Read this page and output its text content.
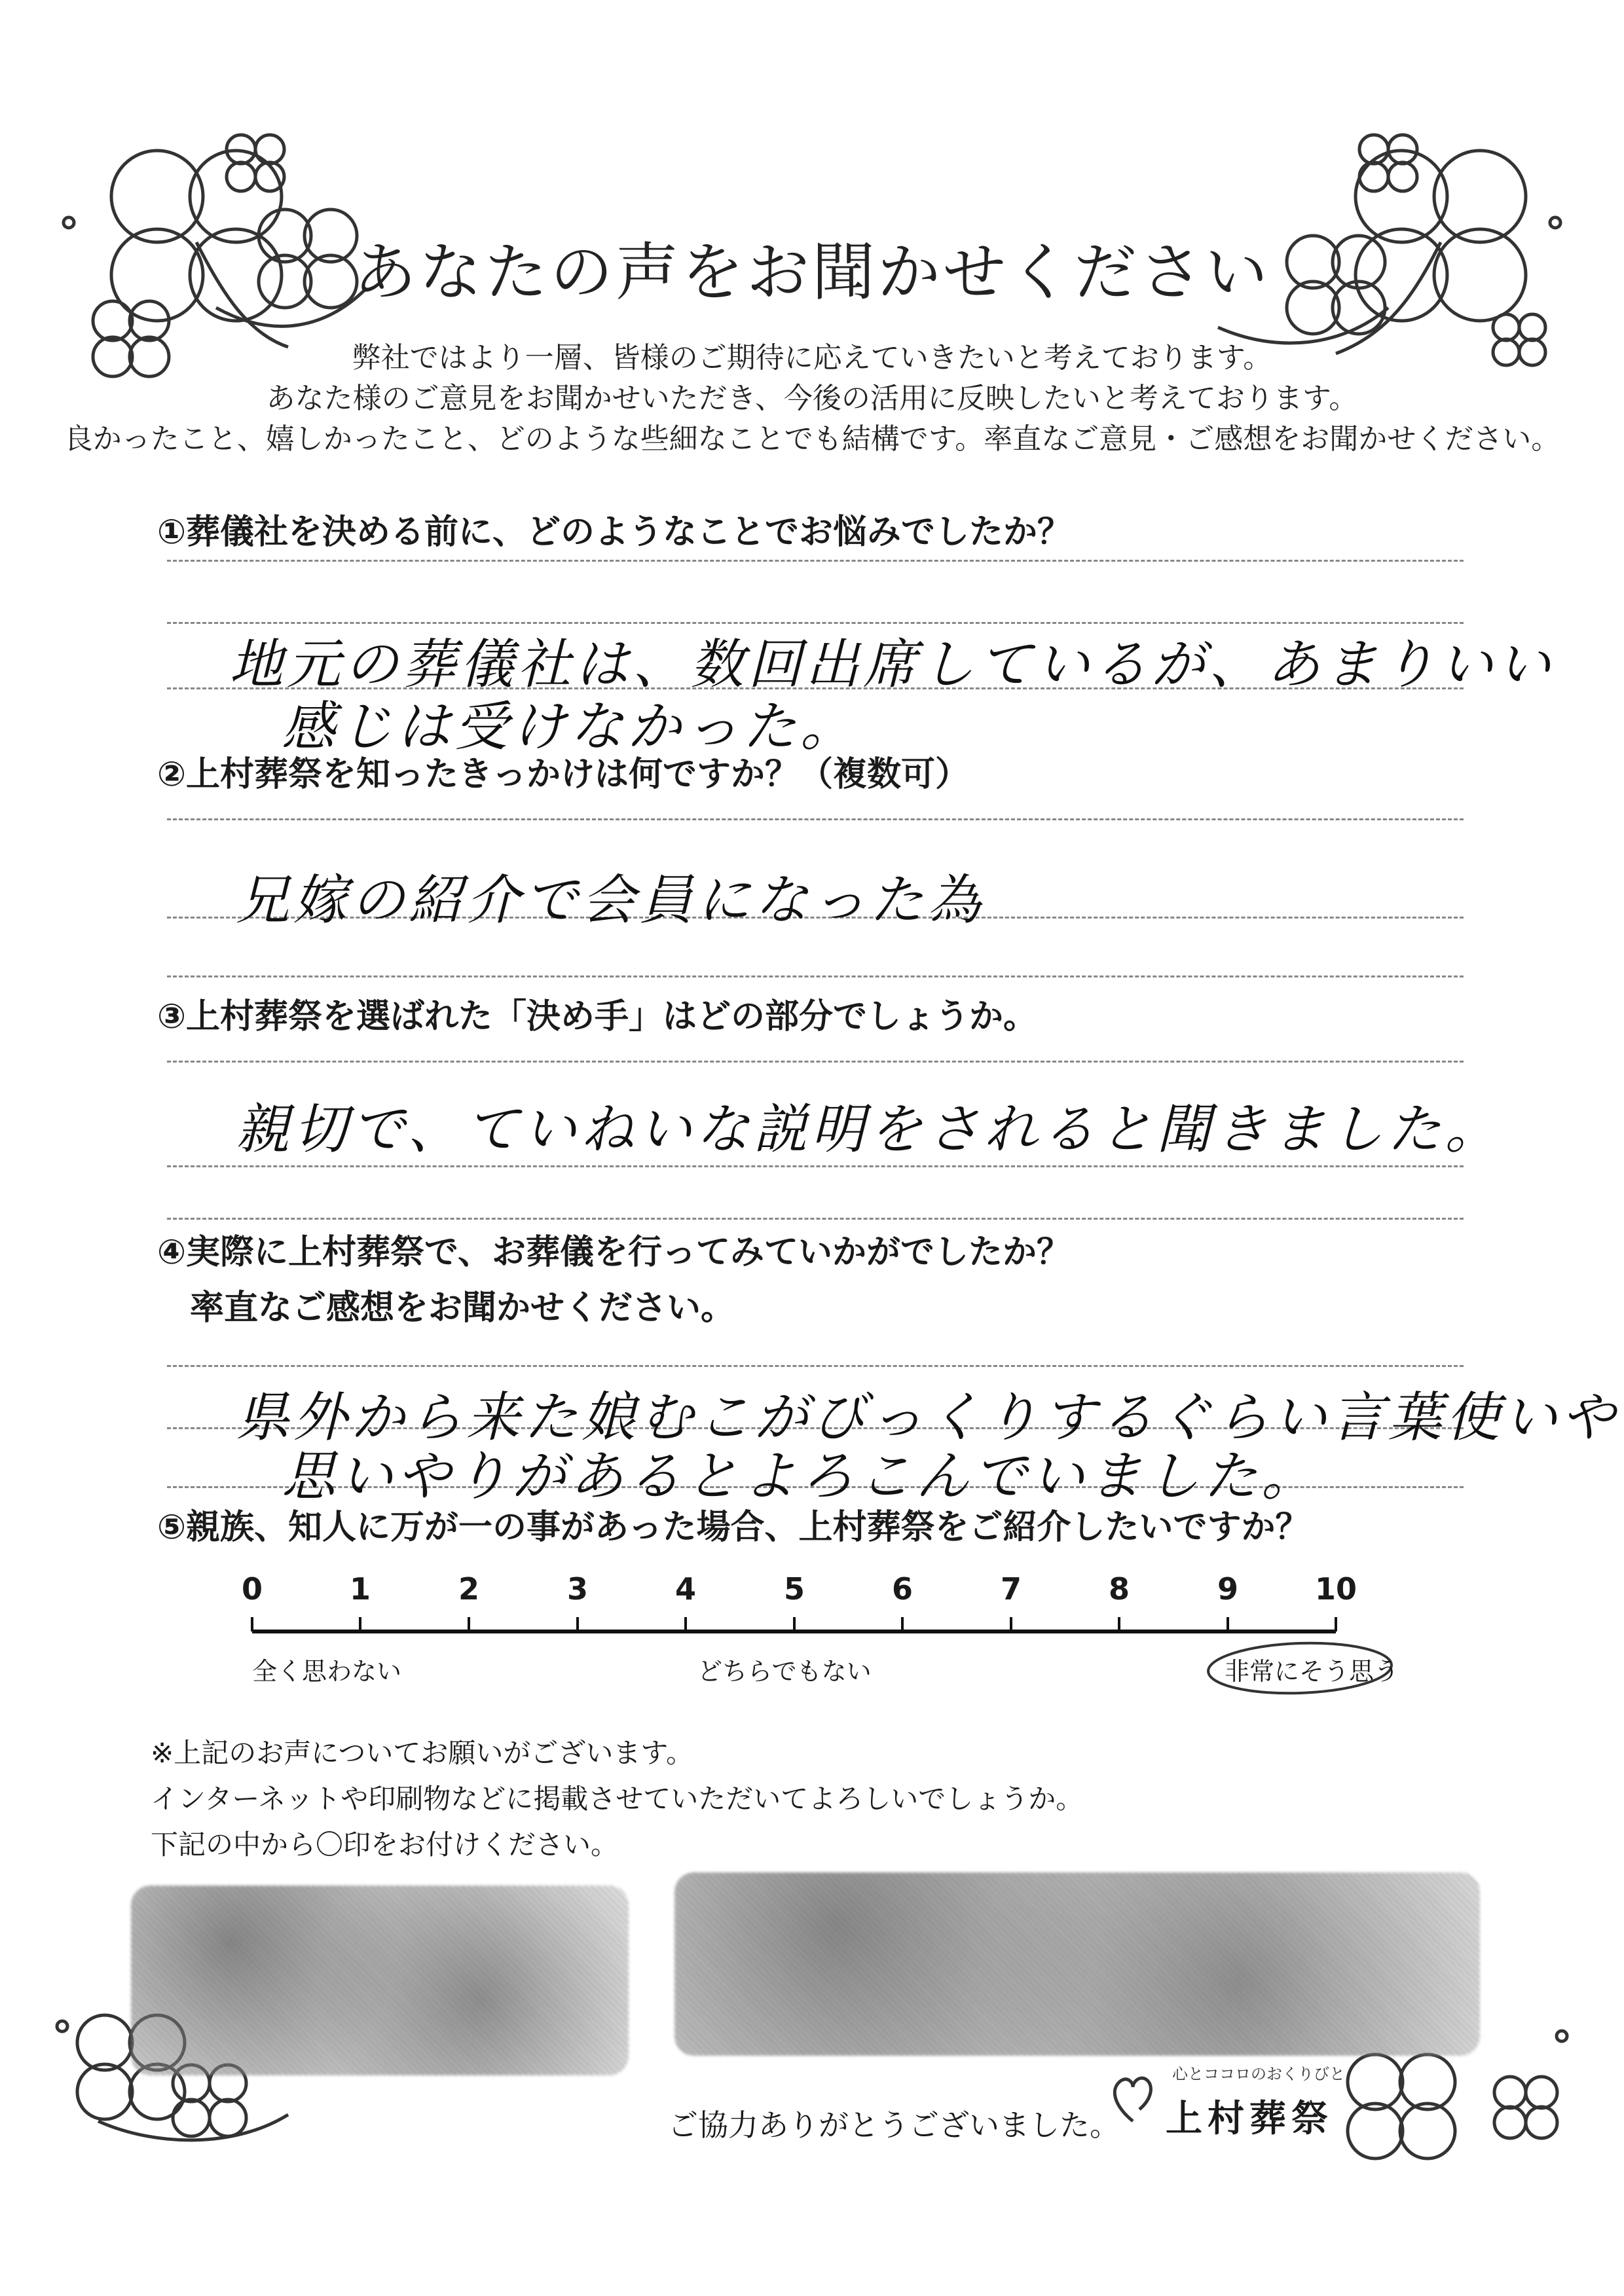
あなたの声をお聞かせください
弊社ではより一層、皆様のご期待に応えていきたいと考えております。
あなた様のご意見をお聞かせいただき、今後の活用に反映したいと考えております。
良かったこと、嬉しかったこと、どのような些細なことでも結構です。率直なご意見・ご感想をお聞かせください。
①葬儀社を決める前に、どのようなことでお悩みでしたか？
地元の葬儀社は、数回出席しているが、あまりいい
感じは受けなかった。
②上村葬祭を知ったきっかけは何ですか？（複数可）
兄嫁の紹介で会員になった為
③上村葬祭を選ばれた「決め手」はどの部分でしょうか。
親切で、ていねいな説明をされると聞きました。
④実際に上村葬祭で、お葬儀を行ってみていかがでしたか？
率直なご感想をお聞かせください。
県外から来た娘むこがびっくりするぐらい言葉使いや
思いやりがあるとよろこんでいました。
⑤親族、知人に万が一の事があった場合、上村葬祭をご紹介したいですか？
0	1	2	3	4	5	6	7	8	9	10
全く思わない	どちらでもない	非常にそう思う
※上記のお声についてお願いがございます。
インターネットや印刷物などに掲載させていただいてよろしいでしょうか。
下記の中から〇印をお付けください。
ご協力ありがとうございました。
心とココロのおくりびと
上村葬祭
